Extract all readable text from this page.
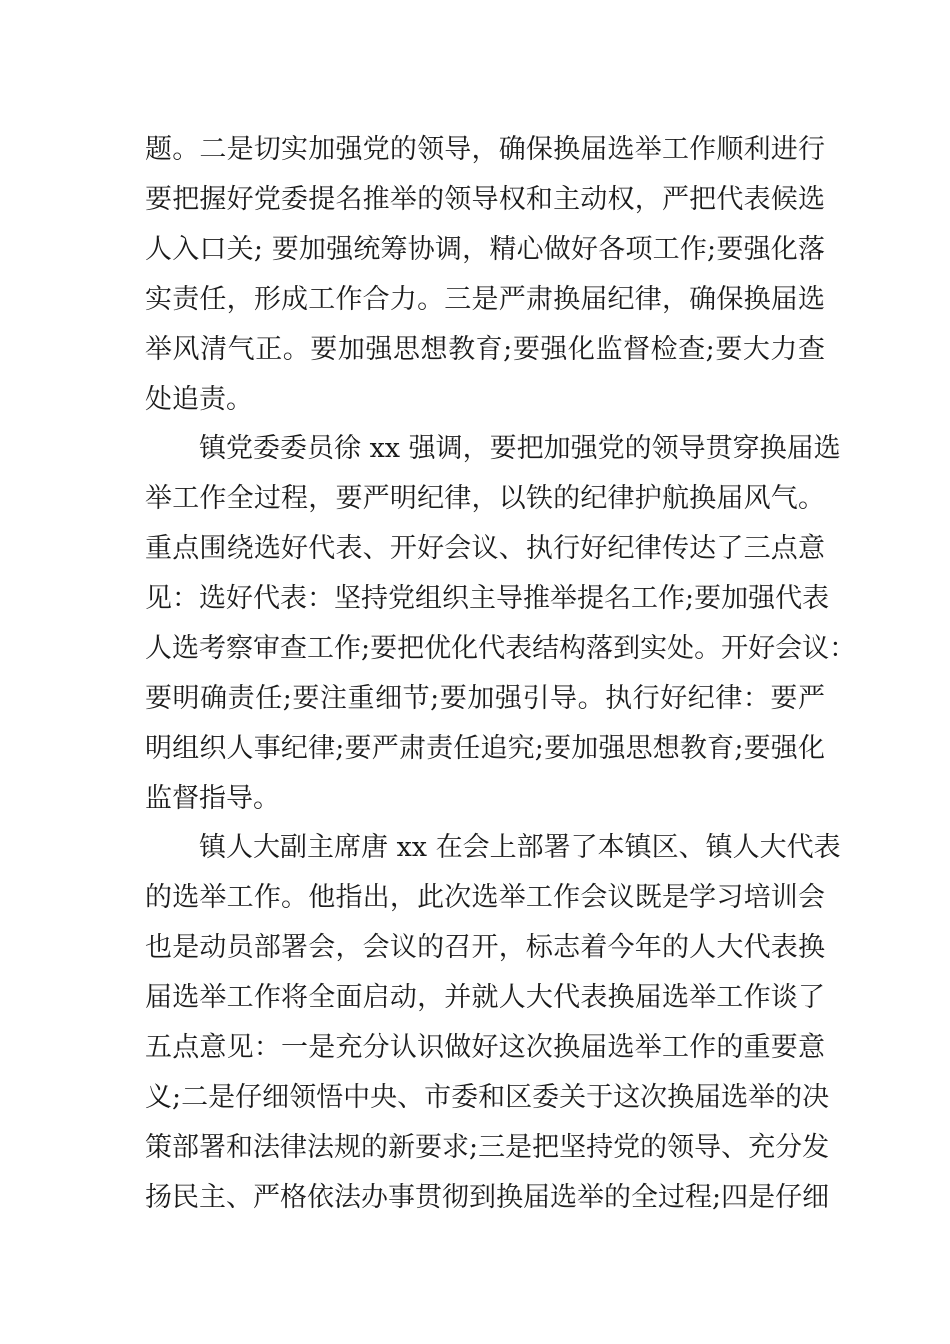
题。二是切实加强党的领导，确保换届选举工作顺利进行
要把握好党委提名推举的领导权和主动权，严把代表候选
人入口关; 要加强统筹协调，精心做好各项工作;要强化落
实责任，形成工作合力。三是严肃换届纪律，确保换届选
举风清气正。要加强思想教育;要强化监督检查;要大力查
处追责。
镇党委委员徐 xx 强调，要把加强党的领导贯穿换届选
举工作全过程，要严明纪律，以铁的纪律护航换届风气。
重点围绕选好代表、开好会议、执行好纪律传达了三点意
见：选好代表：坚持党组织主导推举提名工作;要加强代表
人选考察审查工作;要把优化代表结构落到实处。开好会议：
要明确责任;要注重细节;要加强引导。执行好纪律：要严
明组织人事纪律;要严肃责任追究;要加强思想教育;要强化
监督指导。
镇人大副主席唐 xx 在会上部署了本镇区、镇人大代表
的选举工作。他指出，此次选举工作会议既是学习培训会
也是动员部署会，会议的召开，标志着今年的人大代表换
届选举工作将全面启动，并就人大代表换届选举工作谈了
五点意见：一是充分认识做好这次换届选举工作的重要意
义;二是仔细领悟中央、市委和区委关于这次换届选举的决
策部署和法律法规的新要求;三是把坚持党的领导、充分发
扬民主、严格依法办事贯彻到换届选举的全过程;四是仔细
